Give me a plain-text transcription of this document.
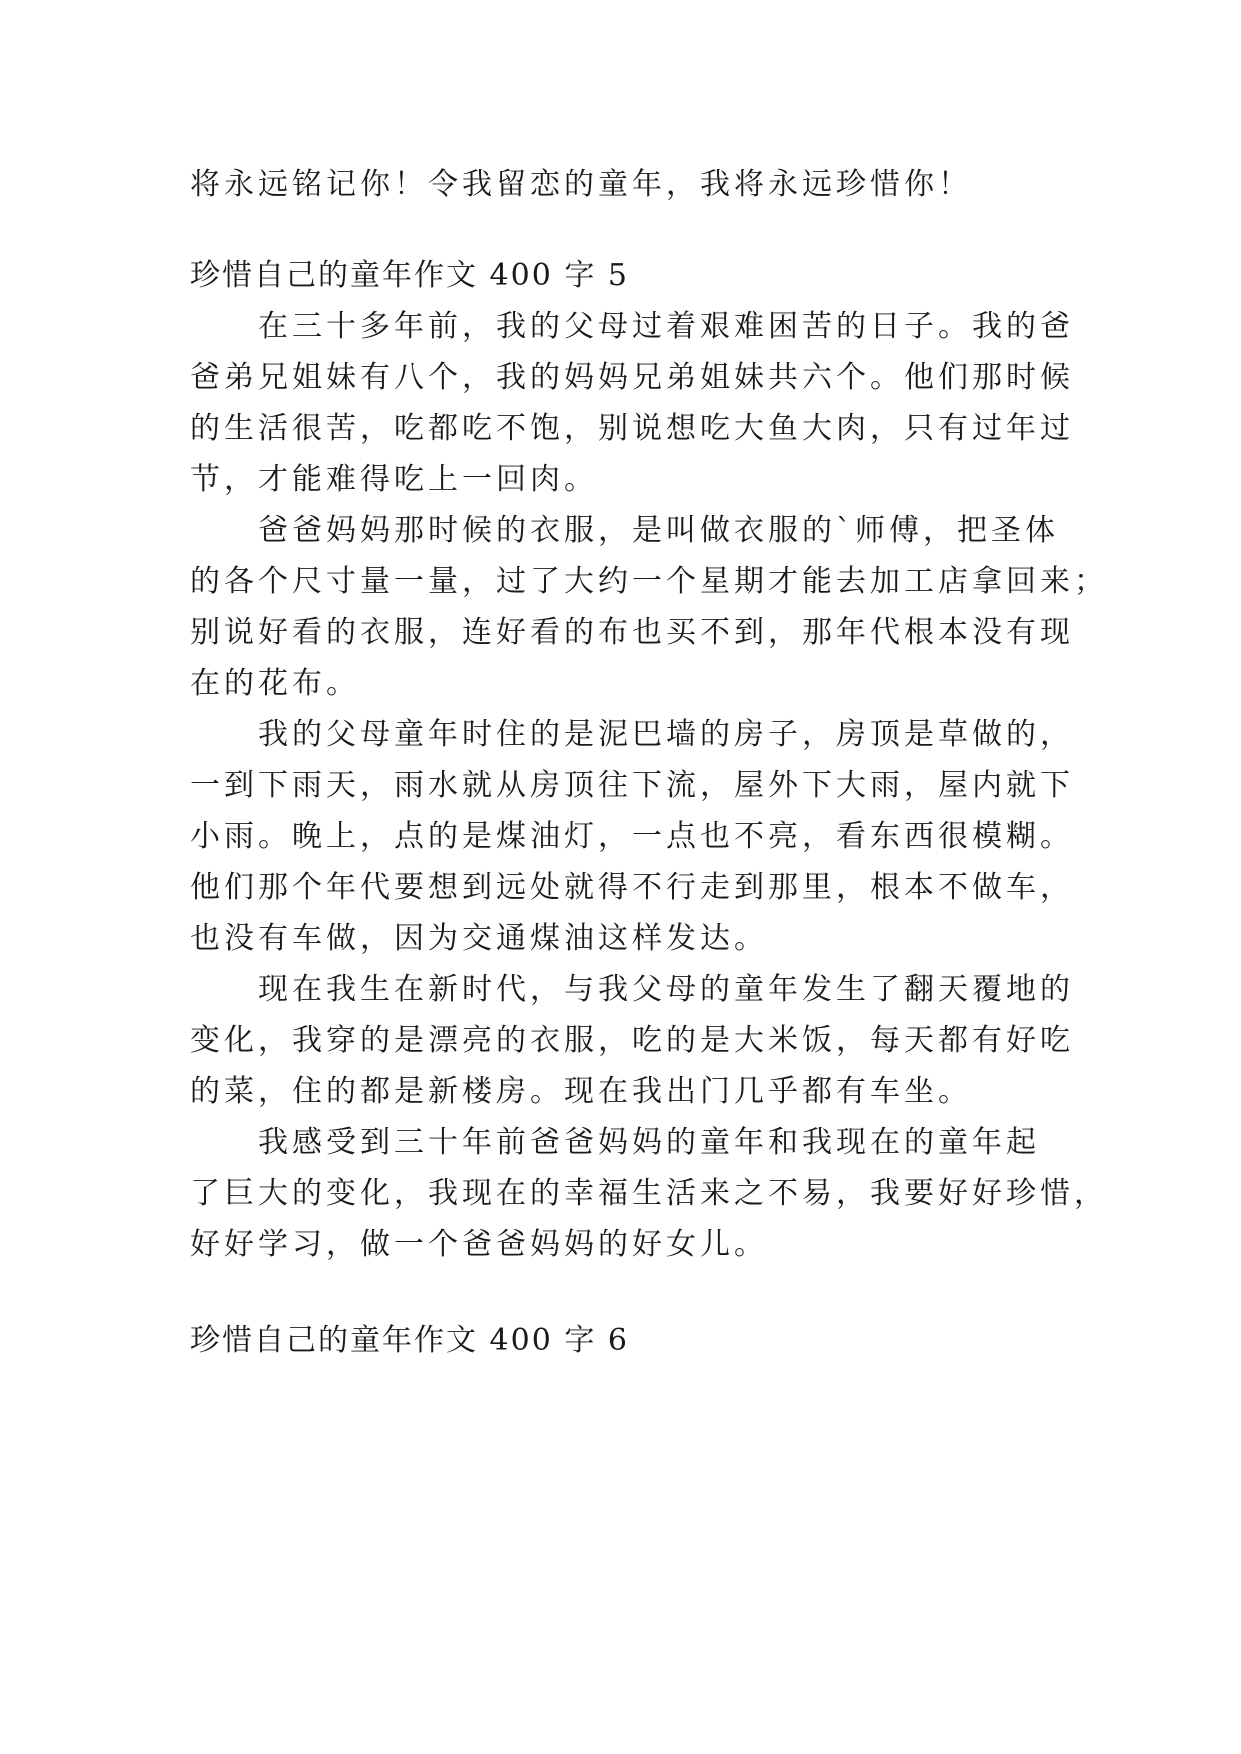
将永远铭记你！令我留恋的童年，我将永远珍惜你！
珍惜自己的童年作文 400 字 5
在三十多年前，我的父母过着艰难困苦的日子。我的爸
爸弟兄姐妹有八个，我的妈妈兄弟姐妹共六个。他们那时候
的生活很苦，吃都吃不饱，别说想吃大鱼大肉，只有过年过
节，才能难得吃上一回肉。
爸爸妈妈那时候的衣服，是叫做衣服的`师傅，把圣体
的各个尺寸量一量，过了大约一个星期才能去加工店拿回来；
别说好看的衣服，连好看的布也买不到，那年代根本没有现
在的花布。
我的父母童年时住的是泥巴墙的房子，房顶是草做的，
一到下雨天，雨水就从房顶往下流，屋外下大雨，屋内就下
小雨。晚上，点的是煤油灯，一点也不亮，看东西很模糊。
他们那个年代要想到远处就得不行走到那里，根本不做车，
也没有车做，因为交通煤油这样发达。
现在我生在新时代，与我父母的童年发生了翻天覆地的
变化，我穿的是漂亮的衣服，吃的是大米饭，每天都有好吃
的菜，住的都是新楼房。现在我出门几乎都有车坐。
我感受到三十年前爸爸妈妈的童年和我现在的童年起
了巨大的变化，我现在的幸福生活来之不易，我要好好珍惜，
好好学习，做一个爸爸妈妈的好女儿。
珍惜自己的童年作文 400 字 6
